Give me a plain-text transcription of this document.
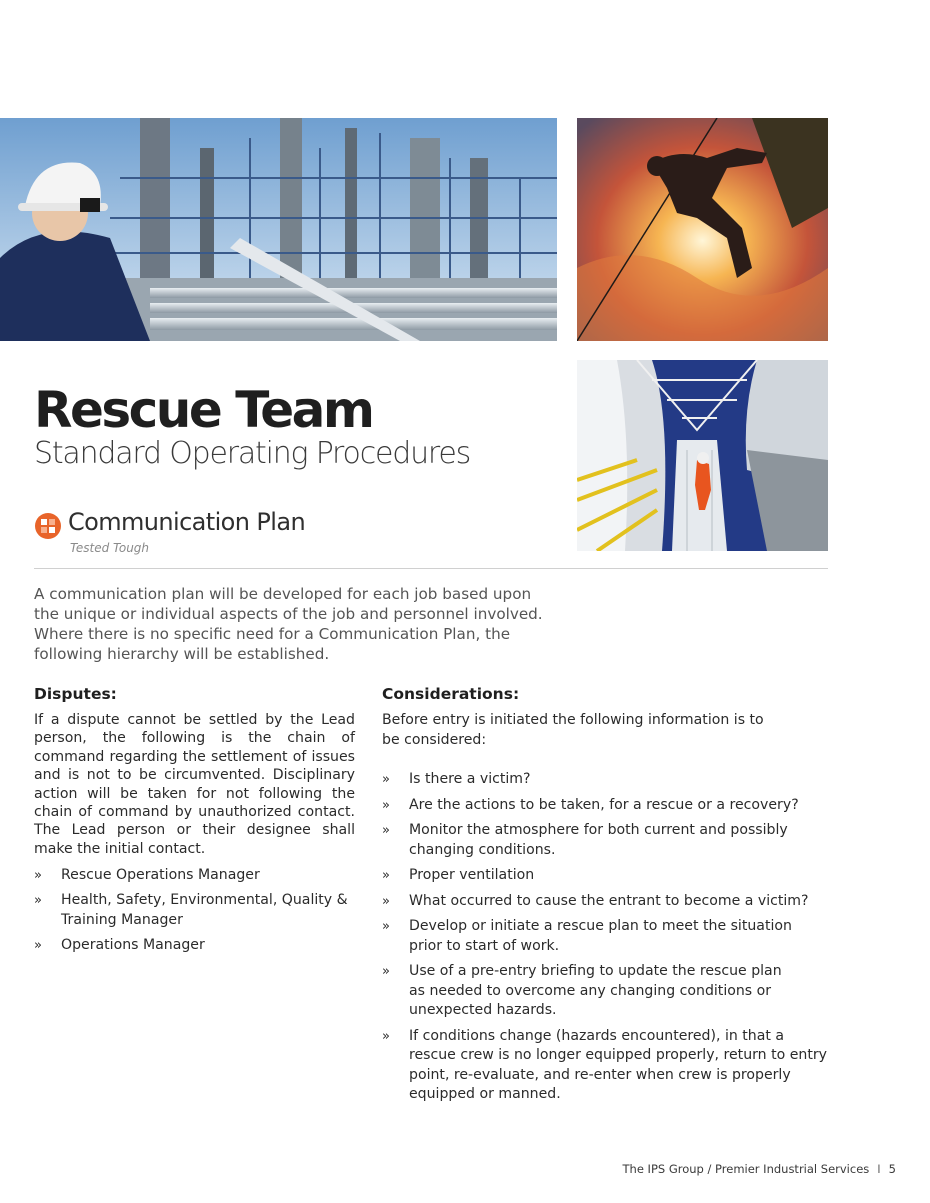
Rescue Team
Standard Operating Procedures
Communication Plan
Tested Tough
A communication plan will be developed for each job based upon the unique or individual aspects of the job and personnel involved. Where there is no specific need for a Communication Plan, the following hierarchy will be established.
Disputes:
If a dispute cannot be settled by the Lead person, the following is the chain of command regarding the settlement of issues and is not to be circumvented. Disciplinary action will be taken for not following the chain of command by unauthorized contact. The Lead person or their designee shall make the initial contact.
» Rescue Operations Manager
» Health, Safety, Environmental, Quality & Training Manager
» Operations Manager
Considerations:
Before entry is initiated the following information is to be considered:
» Is there a victim?
» Are the actions to be taken, for a rescue or a recovery?
» Monitor the atmosphere for both current and possibly changing conditions.
» Proper ventilation
» What occurred to cause the entrant to become a victim?
» Develop or initiate a rescue plan to meet the situation prior to start of work.
» Use of a pre-entry briefing to update the rescue plan as needed to overcome any changing conditions or unexpected hazards.
» If conditions change (hazards encountered), in that a rescue crew is no longer equipped properly, return to entry point, re-evaluate, and re-enter when crew is properly equipped or manned.
The IPS Group / Premier Industrial Services I 5
